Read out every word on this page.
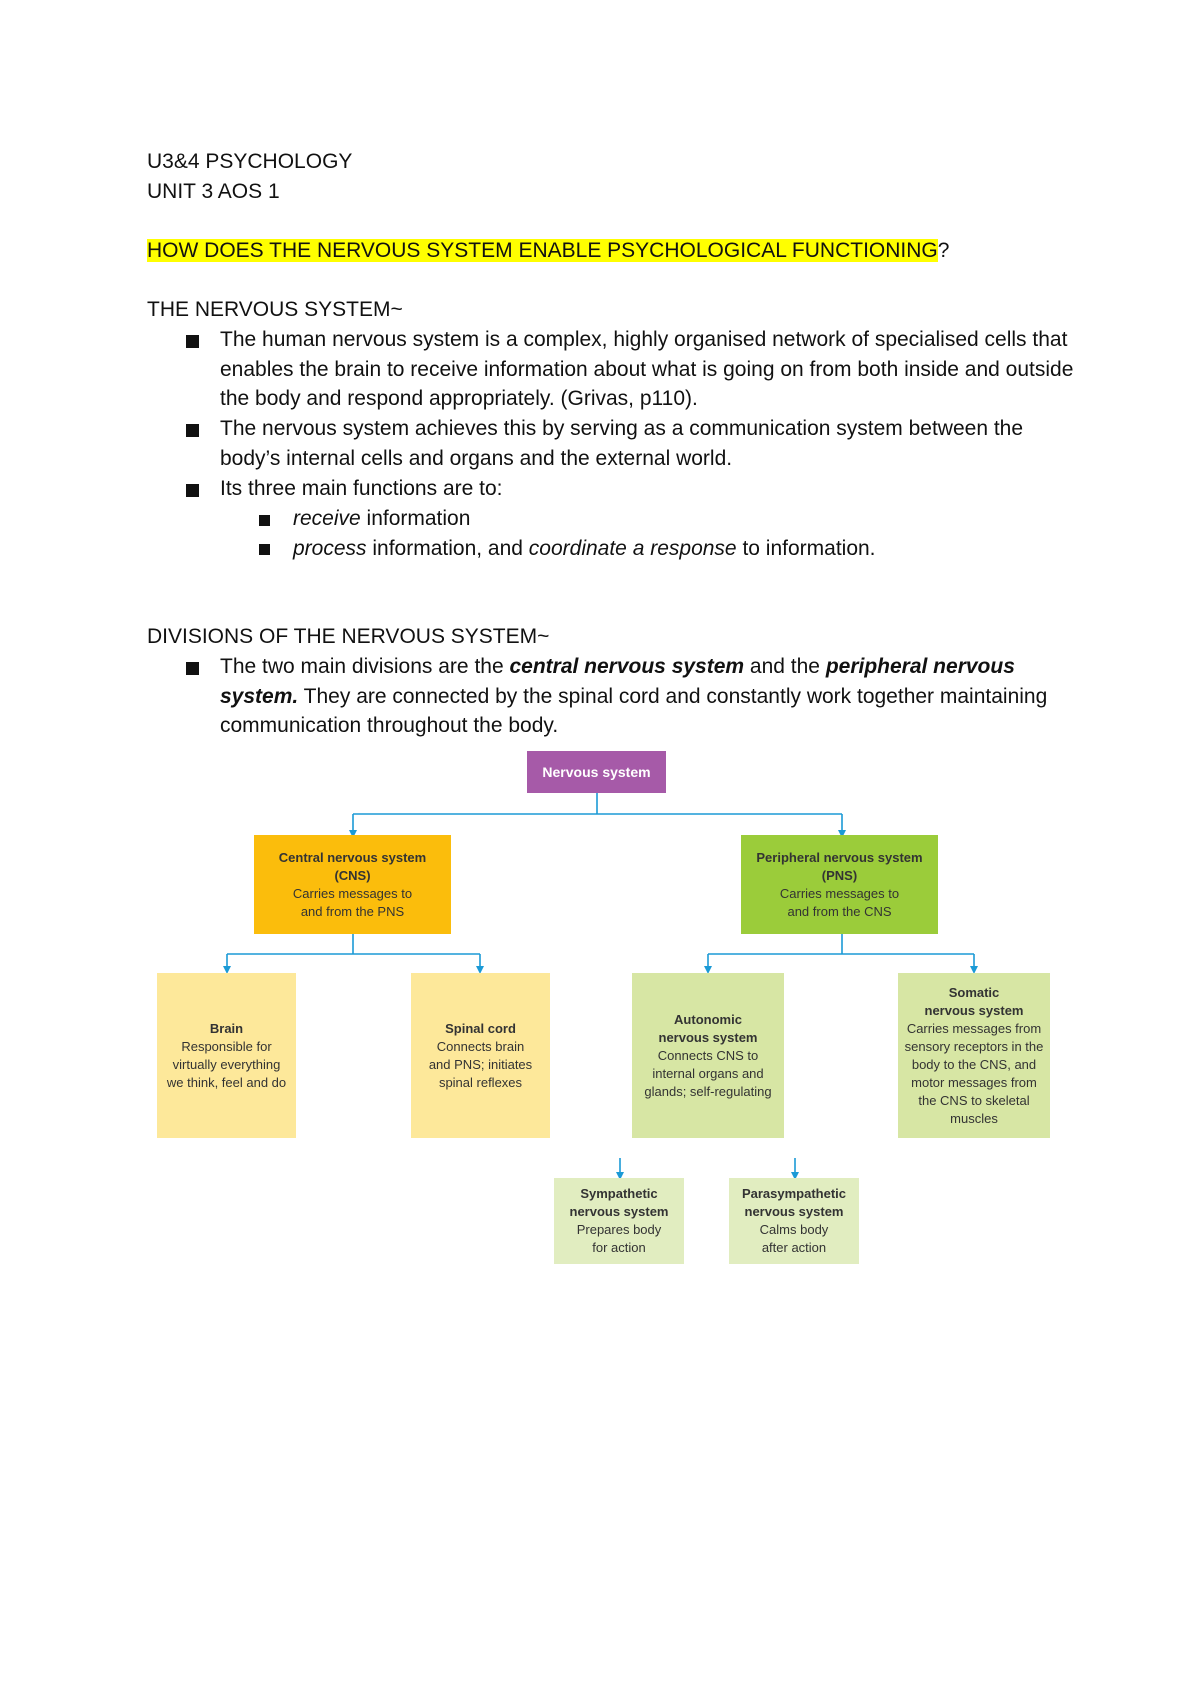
U3&4 PSYCHOLOGY
UNIT 3 AOS 1
HOW DOES THE NERVOUS SYSTEM ENABLE PSYCHOLOGICAL FUNCTIONING?
THE NERVOUS SYSTEM~
The human nervous system is a complex, highly organised network of specialised cells that enables the brain to receive information about what is going on from both inside and outside the body and respond appropriately. (Grivas, p110).
The nervous system achieves this by serving as a communication system between the body’s internal cells and organs and the external world.
Its three main functions are to:
receive information
process information, and coordinate a response to information.
DIVISIONS OF THE NERVOUS SYSTEM~
The two main divisions are the central nervous system and the peripheral nervous system. They are connected by the spinal cord and constantly work together maintaining communication throughout the body.
Nervous system
Central nervous system
(CNS)
Carries messages to
and from the PNS
Peripheral nervous system
(PNS)
Carries messages to
and from the CNS
Brain
Responsible for
virtually everything
we think, feel and do
Spinal cord
Connects brain
and PNS; initiates
spinal reflexes
Autonomic
nervous system
Connects CNS to
internal organs and
glands; self-regulating
Somatic
nervous system
Carries messages from
sensory receptors in the
body to the CNS, and
motor messages from
the CNS to skeletal
muscles
Sympathetic
nervous system
Prepares body
for action
Parasympathetic
nervous system
Calms body
after action
